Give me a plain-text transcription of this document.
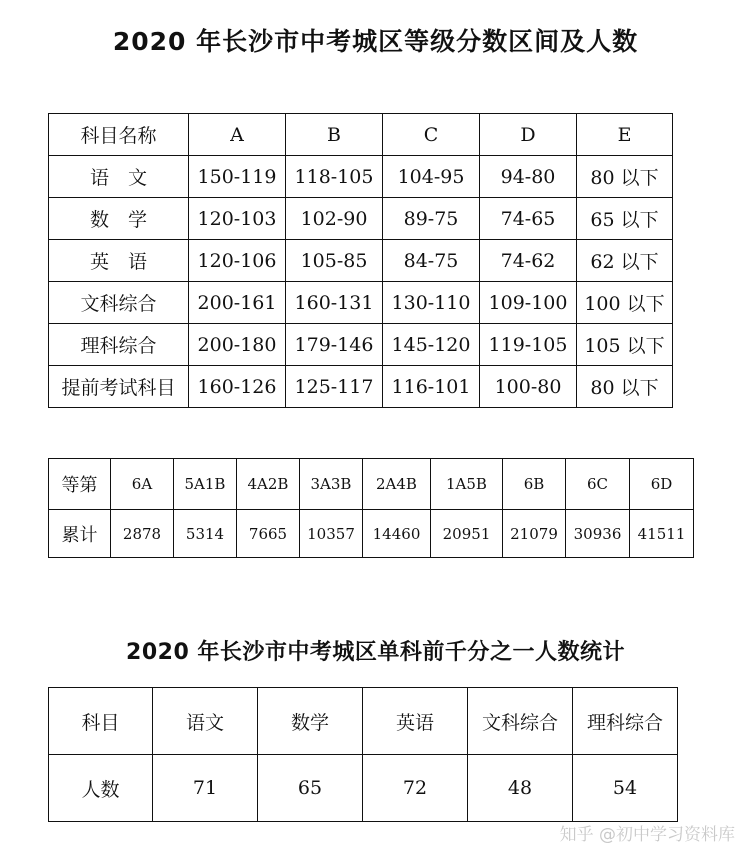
2020 年长沙市中考城区等级分数区间及人数
科目名称	A	B	C	D	E
语　文	150-119	118-105	104-95	94-80	80 以下
数　学	120-103	102-90	89-75	74-65	65 以下
英　语	120-106	105-85	84-75	74-62	62 以下
文科综合	200-161	160-131	130-110	109-100	100 以下
理科综合	200-180	179-146	145-120	119-105	105 以下
提前考试科目	160-126	125-117	116-101	100-80	80 以下
等第	6A	5A1B	4A2B	3A3B	2A4B	1A5B	6B	6C	6D
累计	2878	5314	7665	10357	14460	20951	21079	30936	41511
2020 年长沙市中考城区单科前千分之一人数统计
科目	语文	数学	英语	文科综合	理科综合
人数	71	65	72	48	54
知乎 @初中学习资料库
